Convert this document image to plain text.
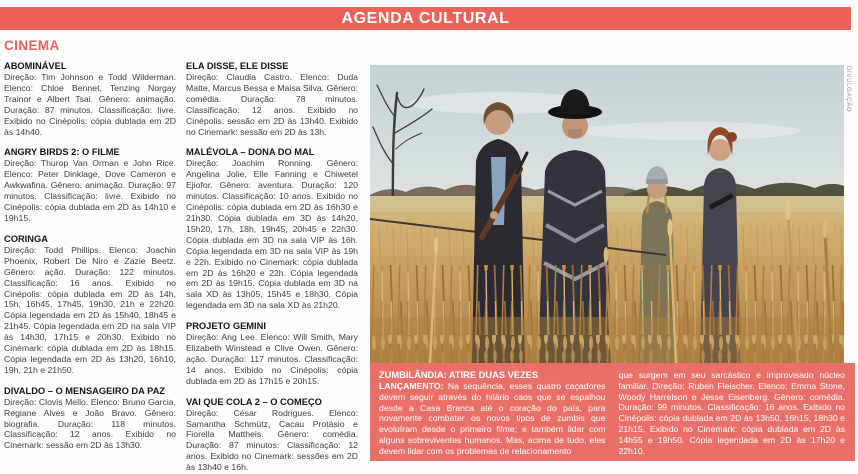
AGENDA CULTURAL
CINEMA
ABOMINÁVEL

Direção: Tim Johnson e Todd Wilderman. Elenco: Chloe Bennet, Tenzing Norgay Trainor e Albert Tsai. Gênero: animação. Duração: 87 minutos. Classificação: livre. Exibido no Cinépolis: cópia dublada em 2D às 14h40.

ANGRY BIRDS 2: O FILME

Direção: Thurop Van Orman e John Rice. Elenco: Peter Dinklage, Dove Cameron e Awkwafina. Gênero: animação. Duração: 97 minutos. Classificação: livre. Exibido no Cinépolis: cópia dublada em 2D às 14h10 e 19h15.

CORINGA

Direção: Todd Phillips. Elenco: Joachin Phoenix, Robert De Niro e Zazie Beetz. Gênero: ação. Duração: 122 minutos. Classificação: 16 anos. Exibido no Cinépolis: cópia dublada em 2D às 14h, 15h, 16h45, 17h45, 19h30, 21h e 22h20. Cópia legendada em 2D às 15h40, 18h45 e 21h45. Cópia legendada em 2D na sala VIP às 14h30, 17h15 e 20h30. Exibido no Cinemark: cópia dublada em 2D às 18h15. Cópia legendada em 2D às 13h20, 16h10, 19h, 21h e 21h50.

DIVALDO – O MENSAGEIRO DA PAZ

Direção: Clovis Mello. Elenco: Bruno Garcia, Regiane Alves e João Bravo. Gênero: biografia. Duração: 118 minutos. Classificação: 12 anos. Exibido no Cinemark: sessão em 2D às 13h30.

ELA DISSE, ELE DISSE

Direção: Claudia Castro. Elenco: Duda Matte, Marcus Bessa e Maisa Silva. Gênero: comédia. Duração: 78 minutos. Classificação: 12 anos. Exibido no Cinépolis: sessão em 2D às 13h40. Exibido no Cinemark: sessão em 2D às 13h.

MALÉVOLA – DONA DO MAL

Direção: Joachim Ronning. Gênero: Angelina Jolie, Elle Fanning e Chiwetel Ejiofor. Gênero: aventura. Duração: 120 minutos. Classificação: 10 anos. Exibido no Cinépolis: cópia dublada em 2D às 16h30 e 21h30. Cópia dublada em 3D às 14h20, 15h20, 17h, 18h, 19h45, 20h45 e 22h30. Cópia dublada em 3D na sala VIP às 16h. Cópia legendada em 3D na sala VIP às 19h e 22h. Exibido no Cinemark: cópia dublada em 2D às 16h20 e 22h. Cópia legendada em 2D às 19h15. Cópia dublada em 3D na sala XD às 13h05, 15h45 e 18h30. Cópia legendada em 3D na sala XD às 21h20.

PROJETO GEMINI

Direção: Ang Lee. Elenco: Will Smith, Mary Elizabeth Winstead e Clive Owen. Gênero: ação. Duração: 117 minutos. Classificação: 14 anos. Exibido no Cinépolis: cópia dublada em 2D às 17h15 e 20h15.

VAI QUE COLA 2 – O COMEÇO

Direção: César Rodrigues. Elenco: Samantha Schmütz, Cacau Protásio e Fiorella Mattheis. Gênero: comédia. Duração: 87 minutos. Classificação: 12 anos. Exibido no Cinemark: sessões em 2D às 13h40 e 16h.

DIVULGAÇÃO
ZUMBILÂNDIA: ATIRE DUAS VEZES

LANÇAMENTO: Na sequência, esses quatro caçadores devem seguir através do hilário caos que se espalhou desde a Casa Branca até o coração do país, para novamente combater os novos tipos de zumbis que evoluíram desde o primeiro filme; e também lidar com alguns sobreviventes humanos. Mas, acima de tudo, eles devem lidar com os problemas de relacionamento

que surgem em seu sarcástico e improvisado núcleo familiar. Direção: Ruben Fleischer. Elenco: Emma Stone, Woody Harrelson e Jesse Eisenberg. Gênero: comédia. Duração: 99 minutos. Classificação: 16 anos. Exibido no Cinépolis: cópia dublada em 2D às 13h50, 16h15, 18h30 e 21h15. Exibido no Cinemark: cópia dublada em 2D às 14h55 e 19h50. Cópia legendada em 2D às 17h20 e 22h10.
